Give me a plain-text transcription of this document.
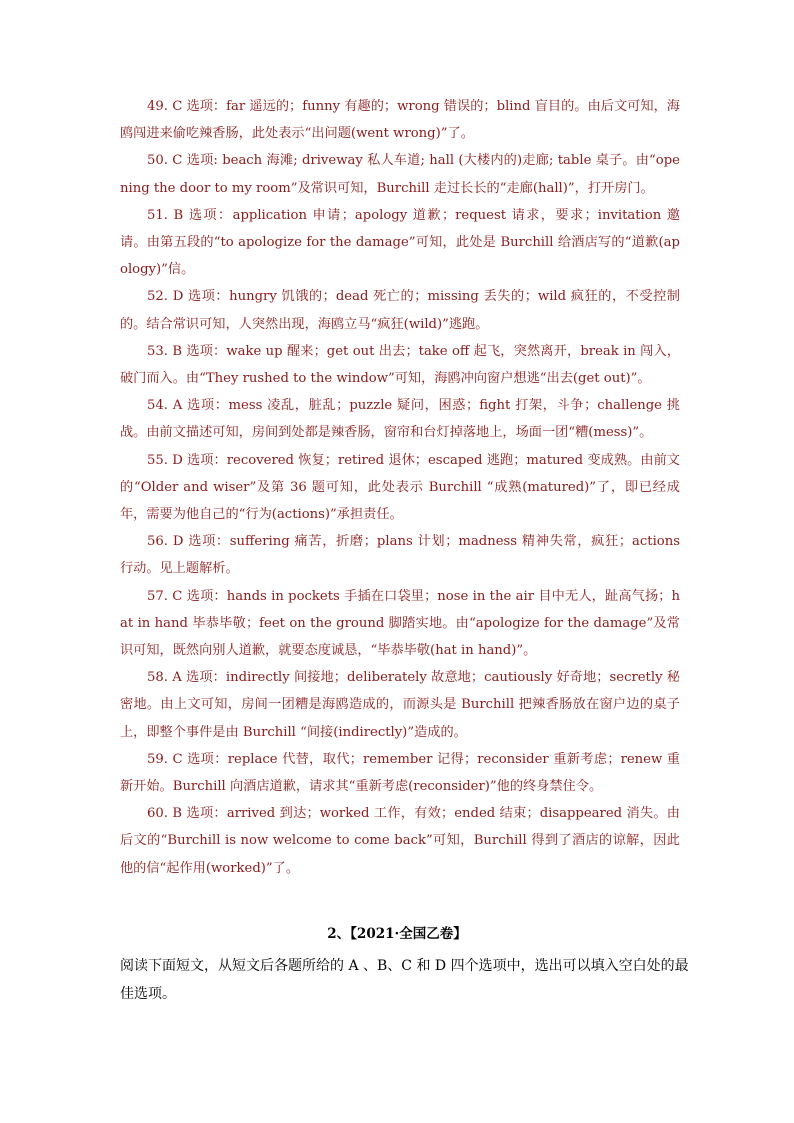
49. C 选项：far 遥远的；funny 有趣的；wrong 错误的；blind 盲目的。由后文可知，海鸥闯进来偷吃辣香肠，此处表示“出问题(went wrong)”了。

50. C 选项: beach 海滩; driveway 私人车道; hall (大楼内的)走廊; table 桌子。由“opening the door to my room”及常识可知，Burchill 走过长长的“走廊(hall)”，打开房门。

51. B 选项：application 申请；apology 道歉；request 请求，要求；invitation 邀请。由第五段的“to apologize for the damage”可知，此处是 Burchill 给酒店写的“道歉(apology)”信。

52. D 选项：hungry 饥饿的；dead 死亡的；missing 丢失的；wild 疯狂的，不受控制的。结合常识可知，人突然出现，海鸥立马“疯狂(wild)”逃跑。

53. B 选项：wake up 醒来；get out 出去；take off 起飞，突然离开，break in 闯入，破门而入。由“They rushed to the window”可知，海鸥冲向窗户想逃“出去(get out)”。

54. A 选项：mess 凌乱，脏乱；puzzle 疑问，困惑；fight 打架，斗争；challenge 挑战。由前文描述可知，房间到处都是辣香肠，窗帘和台灯掉落地上，场面一团“糟(mess)”。

55. D 选项：recovered 恢复；retired 退休；escaped 逃跑；matured 变成熟。由前文的“Older and wiser”及第 36 题可知，此处表示 Burchill “成熟(matured)”了，即已经成年，需要为他自己的“行为(actions)”承担责任。

56. D 选项：suffering 痛苦，折磨；plans 计划；madness 精神失常，疯狂；actions 行动。见上题解析。

57. C 选项：hands in pockets 手插在口袋里；nose in the air 目中无人，趾高气扬；hat in hand 毕恭毕敬；feet on the ground 脚踏实地。由“apologize for the damage”及常识可知，既然向别人道歉，就要态度诚恳，“毕恭毕敬(hat in hand)”。

58. A 选项：indirectly 间接地；deliberately 故意地；cautiously 好奇地；secretly 秘密地。由上文可知，房间一团糟是海鸥造成的，而源头是 Burchill 把辣香肠放在窗户边的桌子上，即整个事件是由 Burchill “间接(indirectly)”造成的。

59. C 选项：replace 代替，取代；remember 记得；reconsider 重新考虑；renew 重新开始。Burchill 向酒店道歉，请求其“重新考虑(reconsider)”他的终身禁住令。

60. B 选项：arrived 到达；worked 工作，有效；ended 结束；disappeared 消失。由后文的“Burchill is now welcome to come back”可知，Burchill 得到了酒店的谅解，因此他的信“起作用(worked)”了。

2、【2021·全国乙卷】

阅读下面短文，从短文后各题所给的 A 、B、C 和 D 四个选项中，选出可以填入空白处的最佳选项。
